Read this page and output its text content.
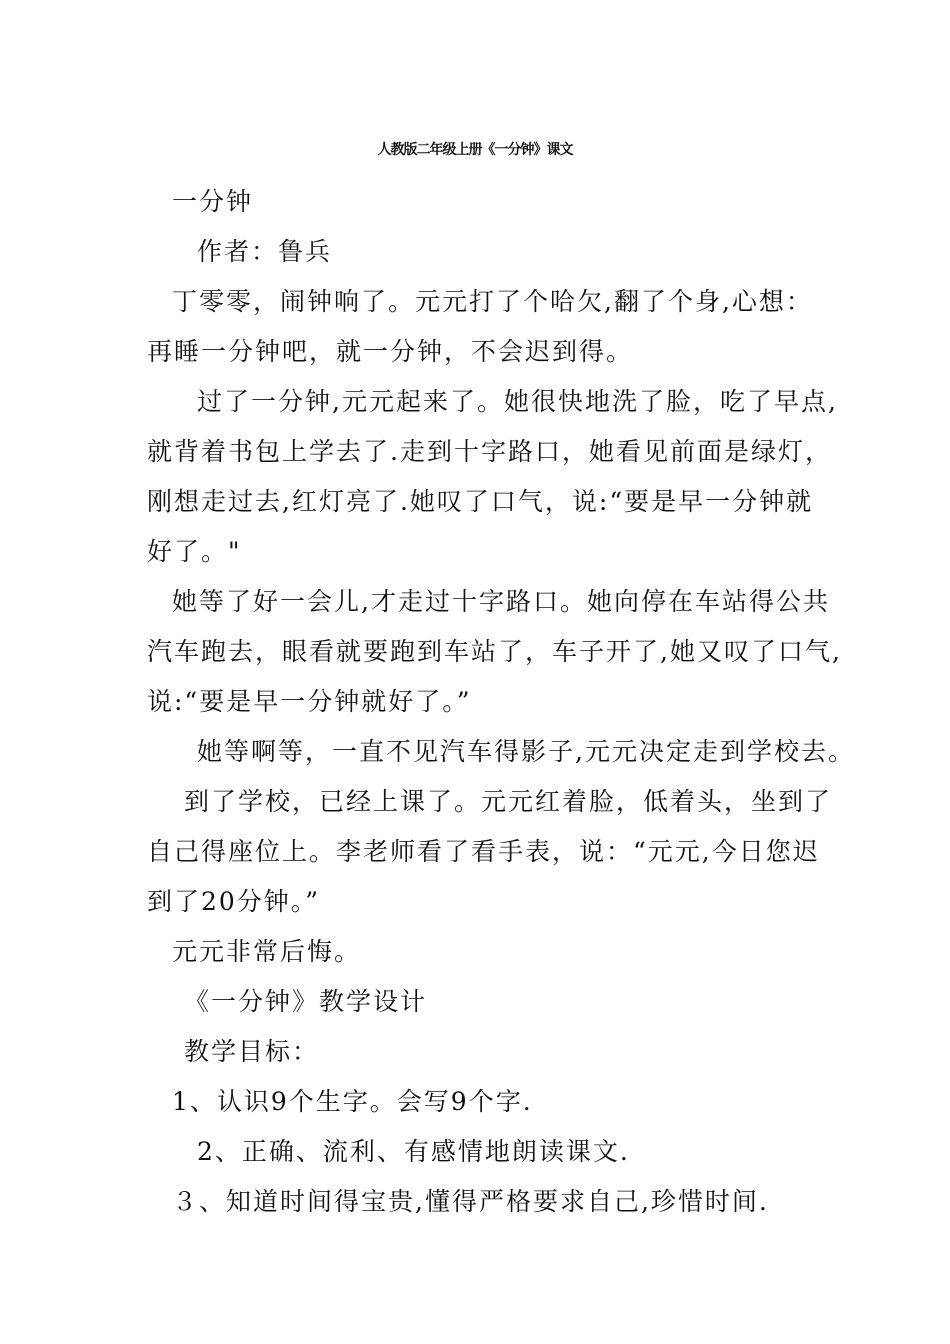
人教版二年级上册《一分钟》课文
一分钟
作者：鲁兵
丁零零，闹钟响了。元元打了个哈欠,翻了个身,心想：
再睡一分钟吧，就一分钟，不会迟到得。
过了一分钟,元元起来了。她很快地洗了脸，吃了早点,
就背着书包上学去了.走到十字路口，她看见前面是绿灯，
刚想走过去,红灯亮了.她叹了口气，说:“要是早一分钟就
好了。"
她等了好一会儿,才走过十字路口。她向停在车站得公共
汽车跑去，眼看就要跑到车站了，车子开了,她又叹了口气,
说:“要是早一分钟就好了。”
她等啊等，一直不见汽车得影子,元元决定走到学校去。
到了学校，已经上课了。元元红着脸，低着头，坐到了
自己得座位上。李老师看了看手表，说：“元元,今日您迟
到了20分钟。”
元元非常后悔。
《一分钟》教学设计
教学目标：
1、认识9个生字。会写9个字.
2、正确、流利、有感情地朗读课文.
３、知道时间得宝贵,懂得严格要求自己,珍惜时间.
